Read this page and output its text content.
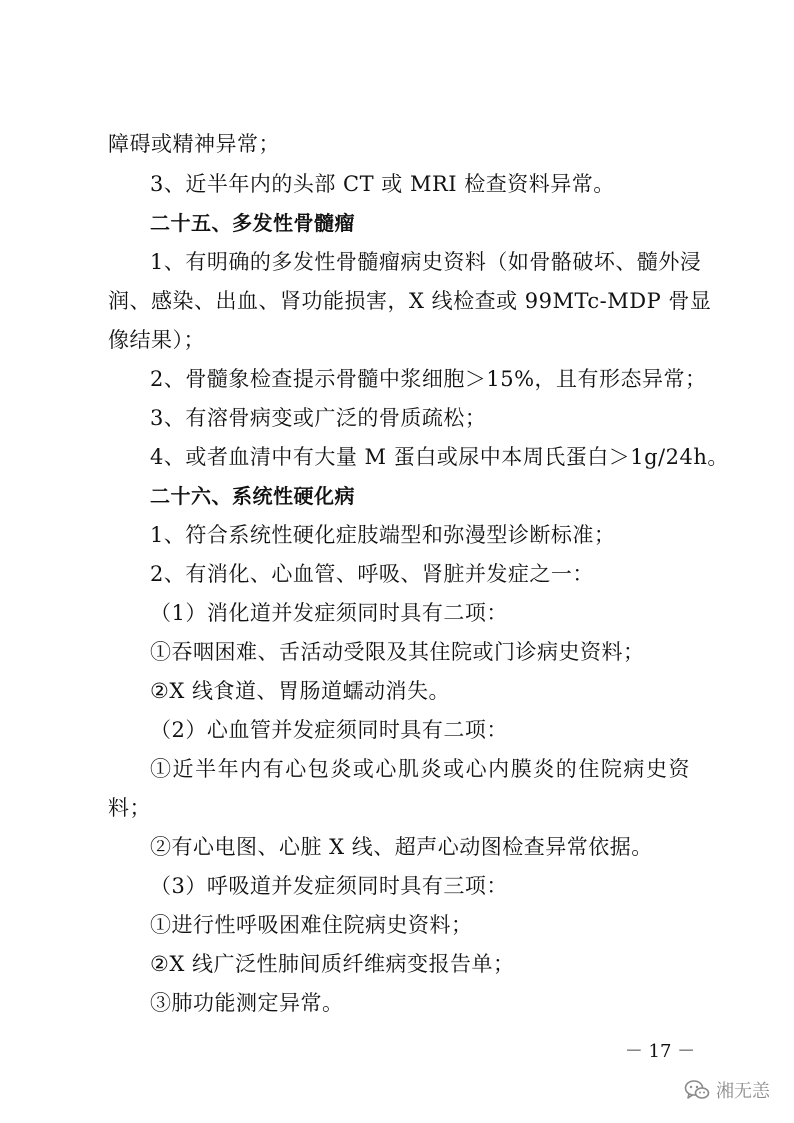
障碍或精神异常；
3、近半年内的头部 CT 或 MRI 检查资料异常。
二十五、多发性骨髓瘤
1、有明确的多发性骨髓瘤病史资料（如骨骼破坏、髓外浸
润、感染、出血、肾功能损害，X 线检查或 99MTc-MDP 骨显
像结果）；
2、骨髓象检查提示骨髓中浆细胞＞15%，且有形态异常；
3、有溶骨病变或广泛的骨质疏松；
4、或者血清中有大量 M 蛋白或尿中本周氏蛋白＞1g/24h。
二十六、系统性硬化病
1、符合系统性硬化症肢端型和弥漫型诊断标准；
2、有消化、心血管、呼吸、肾脏并发症之一：
（1）消化道并发症须同时具有二项：
①吞咽困难、舌活动受限及其住院或门诊病史资料；
②X 线食道、胃肠道蠕动消失。
（2）心血管并发症须同时具有二项：
①近半年内有心包炎或心肌炎或心内膜炎的住院病史资
料；
②有心电图、心脏 X 线、超声心动图检查异常依据。
（3）呼吸道并发症须同时具有三项：
①进行性呼吸困难住院病史资料；
②X 线广泛性肺间质纤维病变报告单；
③肺功能测定异常。
－ 17 －
湘无恙
